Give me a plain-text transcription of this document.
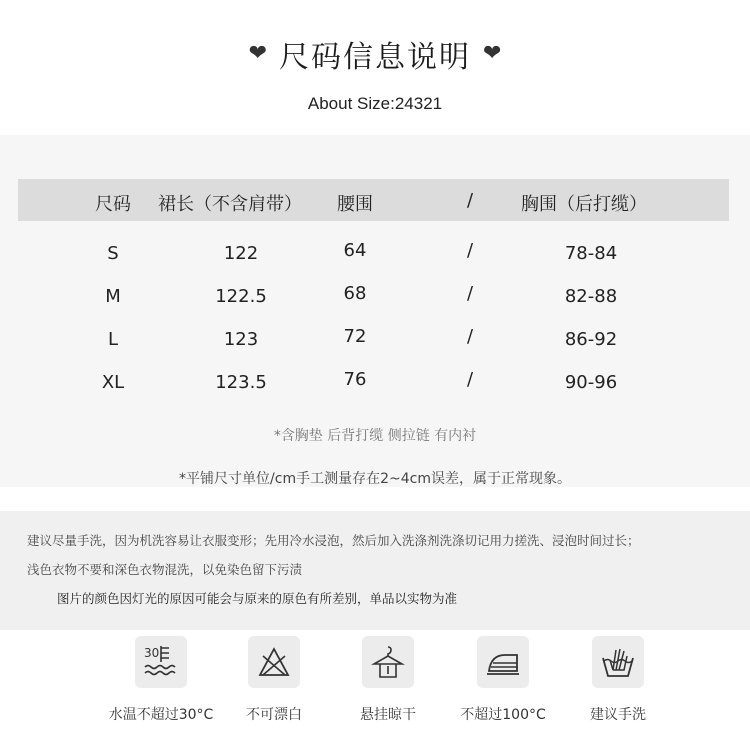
❤ 尺码信息说明 ❤
About Size:24321
尺码 裙长（不含肩带）	腰围	/	胸围（后打缆）
S	122	64	/	78-84
M	122.5	68	/	82-88
L	123	72	/	86-92
XL	123.5	76	/	90-96
*含胸垫 后背打缆 侧拉链 有内衬
*平铺尺寸单位/cm手工测量存在2~4cm误差，属于正常现象。
建议尽量手洗，因为机洗容易让衣服变形；先用冷水浸泡，然后加入洗涤剂洗涤切记用力搓洗、浸泡时间过长；
浅色衣物不要和深色衣物混洗，以免染色留下污渍
图片的颜色因灯光的原因可能会与原来的原色有所差别，单品以实物为准
30
水温不超过30°C	不可漂白	悬挂晾干	不超过100°C	建议手洗
